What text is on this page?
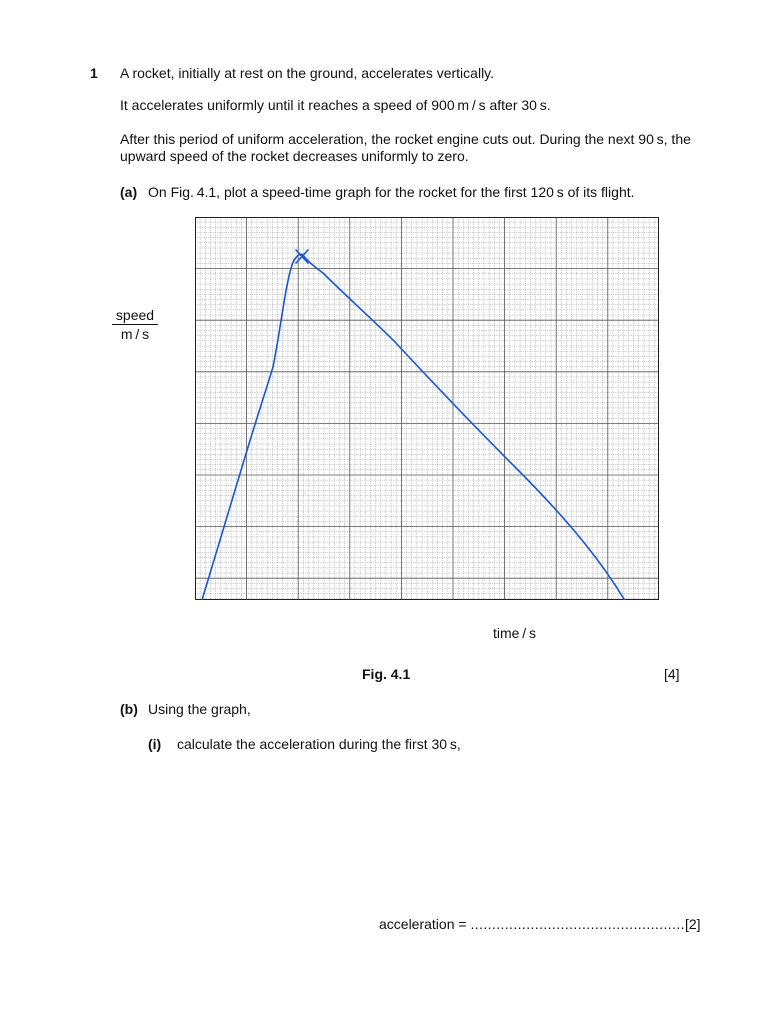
1 A rocket, initially at rest on the ground, accelerates vertically.
It accelerates uniformly until it reaches a speed of 900 m / s after 30 s.
After this period of uniform acceleration, the rocket engine cuts out. During the next 90 s, the
upward speed of the rocket decreases uniformly to zero.
(a) On Fig. 4.1, plot a speed-time graph for the rocket for the first 120 s of its flight.
speed
m / s
time / s
Fig. 4.1	[4]
(b) Using the graph,
(i) calculate the acceleration during the first 30 s,
acceleration = ..................................................[2]
